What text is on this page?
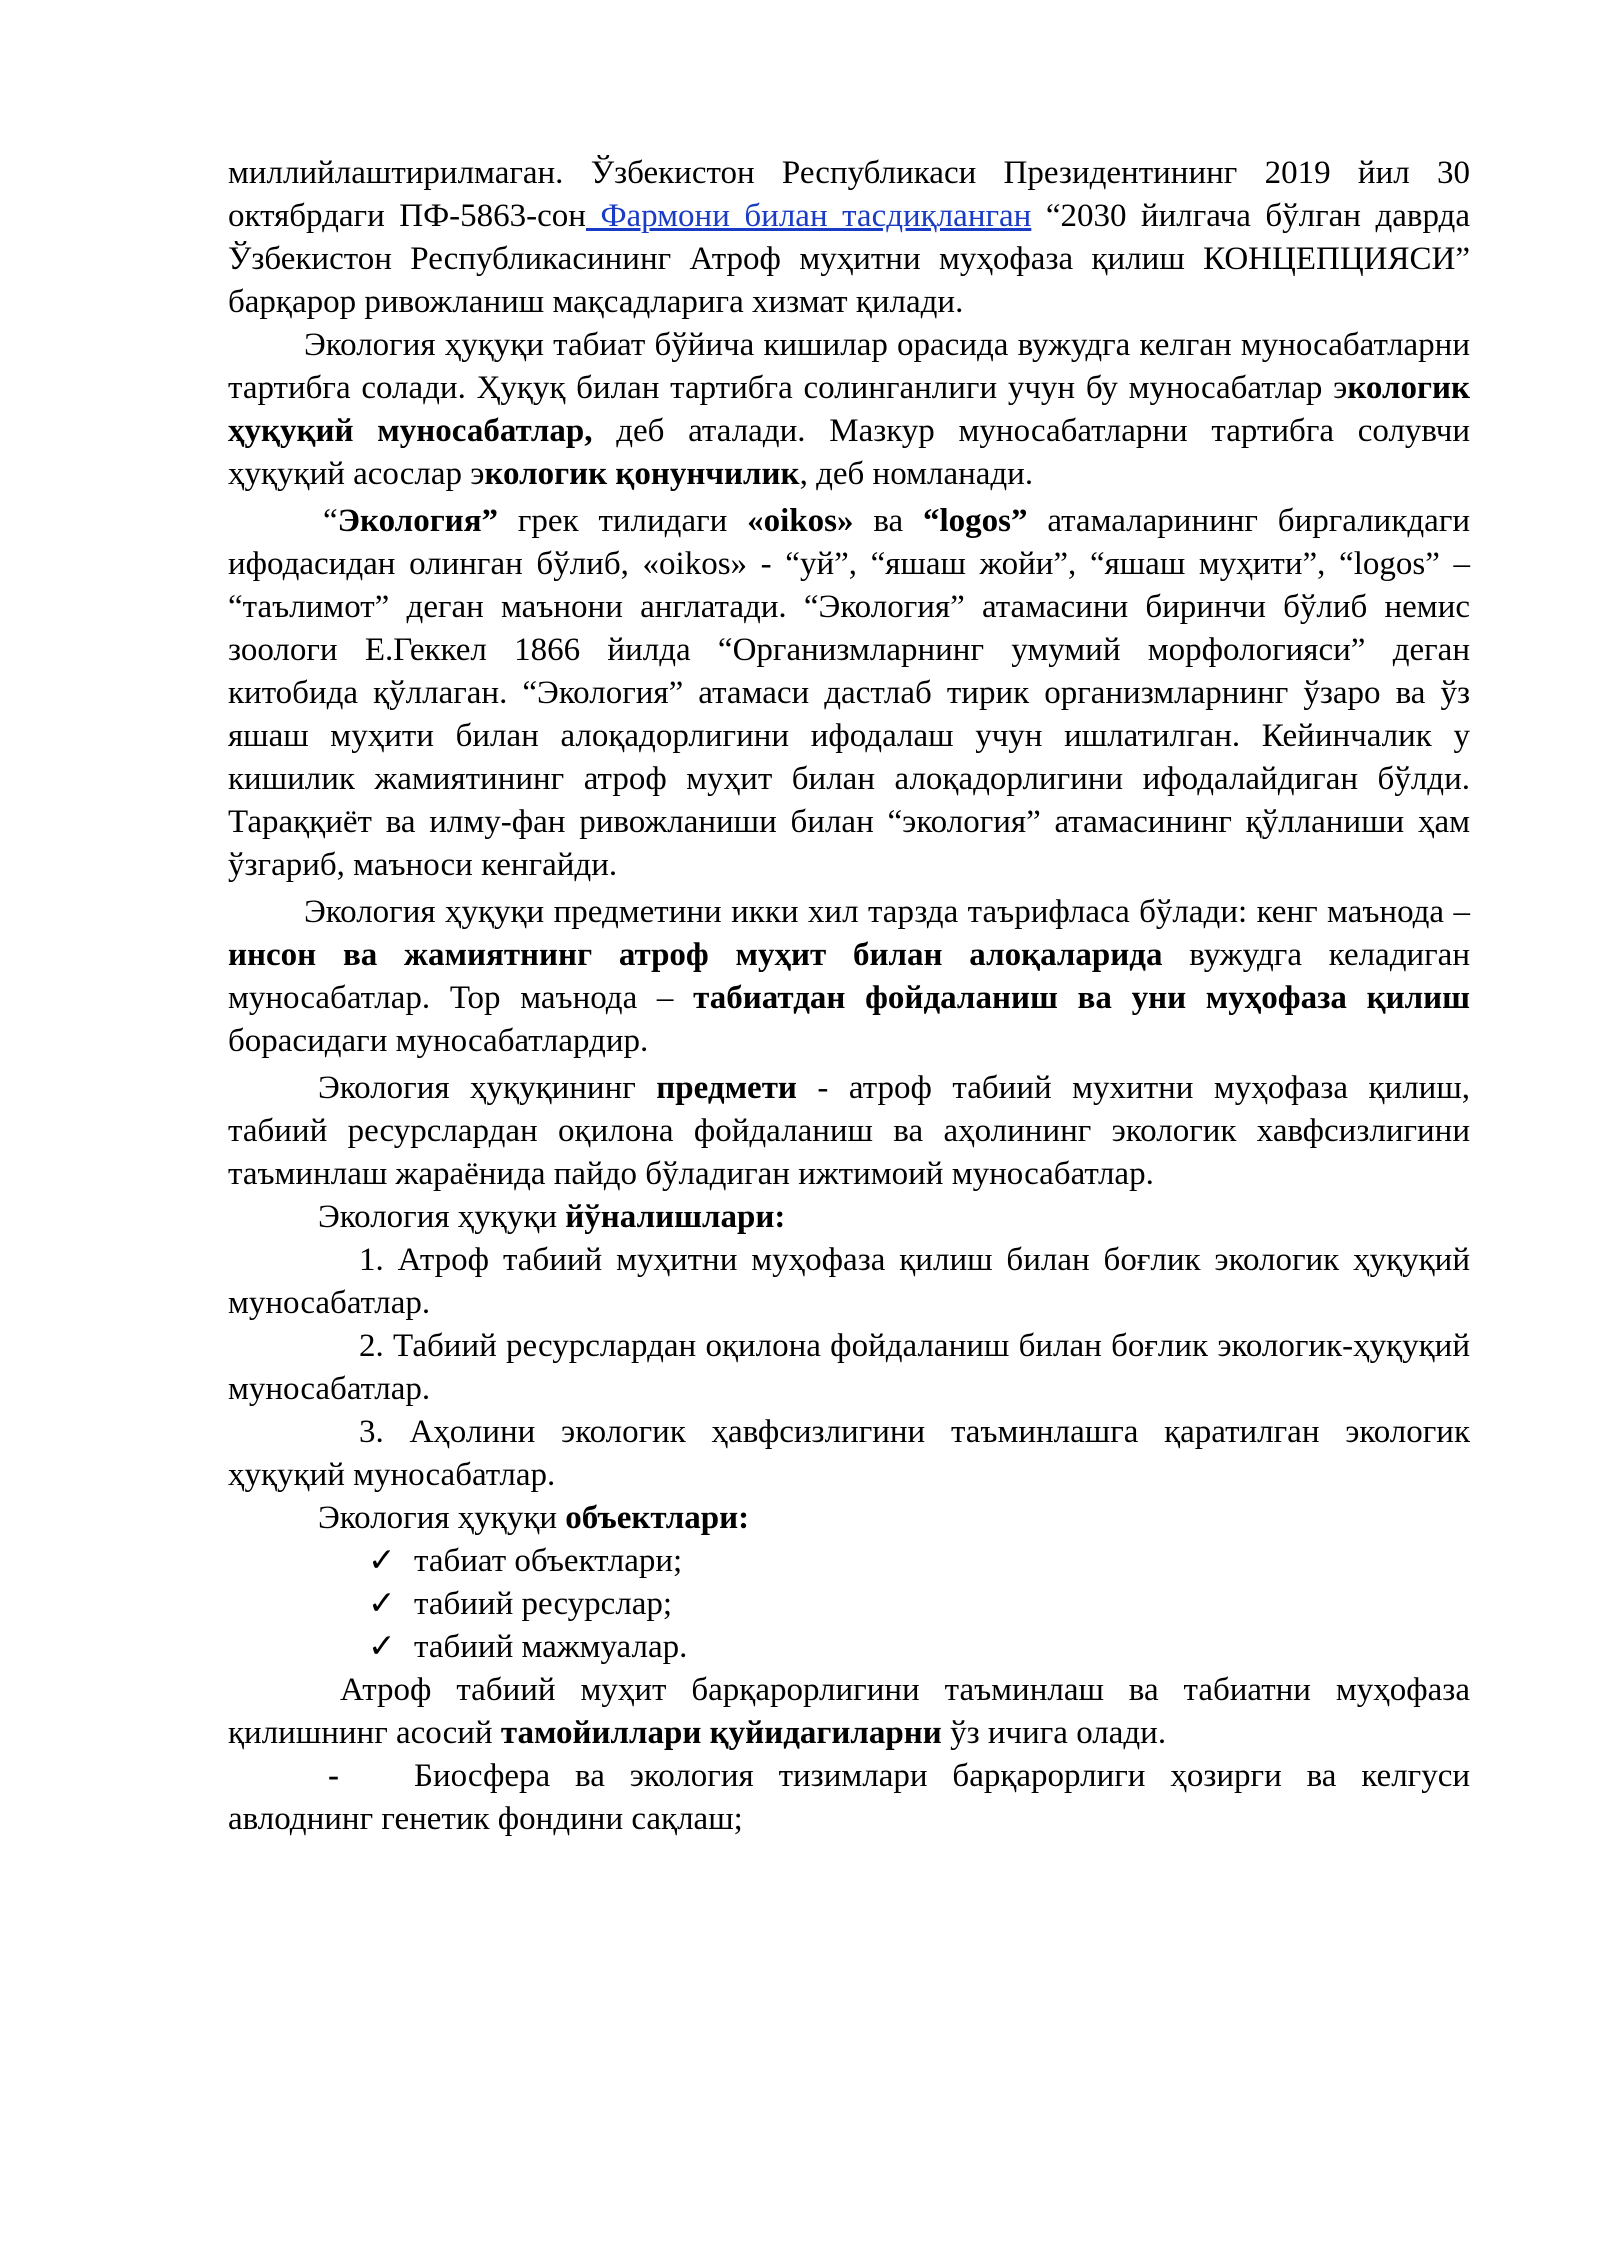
миллийлаштирилмаган. Ўзбекистон Республикаси Президентининг 2019 йил 30 октябрдаги ПФ-5863-сон Фармони билан тасдиқланган “2030 йилгача бўлган даврда Ўзбекистон Республикасининг Атроф муҳитни муҳофаза қилиш КОНЦЕПЦИЯСИ” барқарор ривожланиш мақсадларига хизмат қилади.

Экология ҳуқуқи табиат бўйича кишилар орасида вужудга келган муносабатларни тартибга солади. Ҳуқуқ билан тартибга солинганлиги учун бу муносабатлар экологик ҳуқуқий муносабатлар, деб аталади. Мазкур муносабатларни тартибга солувчи ҳуқуқий асослар экологик қонунчилик, деб номланади.

“Экология” грек тилидаги «oikos» ва “logos” атамаларининг биргаликдаги ифодасидан олинган бўлиб, «oikos» - “уй”, “яшаш жойи”, “яшаш муҳити”, “logos” – “таълимот” деган маънони англатади. “Экология” атамасини биринчи бўлиб немис зоологи Е.Геккел 1866 йилда “Организмларнинг умумий морфологияси” деган китобида қўллаган. “Экология” атамаси дастлаб тирик организмларнинг ўзаро ва ўз яшаш муҳити билан алоқадорлигини ифодалаш учун ишлатилган. Кейинчалик у кишилик жамиятининг атроф муҳит билан алоқадорлигини ифодалайдиган бўлди. Тараққиёт ва илму-фан ривожланиши билан “экология” атамасининг қўлланиши ҳам ўзгариб, маъноси кенгайди.

Экология ҳуқуқи предметини икки хил тарзда таърифласа бўлади: кенг маънода – инсон ва жамиятнинг атроф муҳит билан алоқаларида вужудга келадиган муносабатлар. Тор маънода – табиатдан фойдаланиш ва уни муҳофаза қилиш борасидаги муносабатлардир.

Экология ҳуқуқининг предмети - атроф табиий мухитни муҳофаза қилиш, табиий ресурслардан оқилона фойдаланиш ва аҳолининг экологик хавфсизлигини таъминлаш жараёнида пайдо бўладиган ижтимоий муносабатлар.

Экология ҳуқуқи йўналишлари:

1. Атроф табиий муҳитни муҳофаза қилиш билан боғлик экологик ҳуқуқий муносабатлар.

2. Табиий ресурслардан оқилона фойдаланиш билан боғлик экологик-ҳуқуқий муносабатлар.

3. Аҳолини экологик ҳавфсизлигини таъминлашга қаратилган экологик ҳуқуқий муносабатлар.

Экология ҳуқуқи объектлари:

✓ табиат объектлари;
✓ табиий ресурслар;
✓ табиий мажмуалар.

Атроф табиий муҳит барқарорлигини таъминлаш ва табиатни муҳофаза қилишнинг асосий тамойиллари қуйидагиларни ўз ичига олади.

- Биосфера ва экология тизимлари барқарорлиги ҳозирги ва келгуси авлоднинг генетик фондини сақлаш;
